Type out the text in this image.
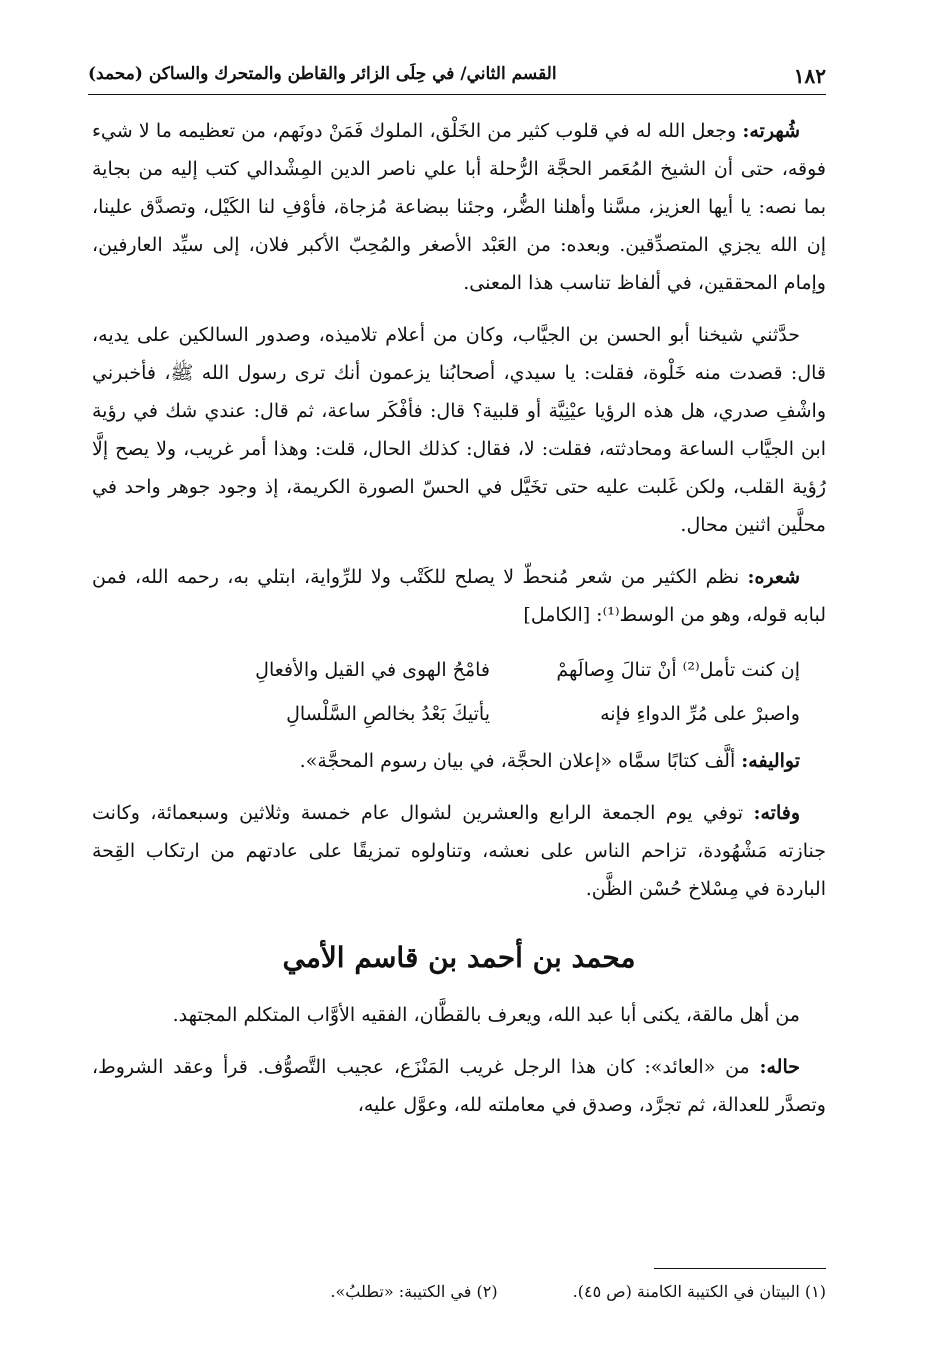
١٨٢
القسم الثاني/ في حِلَى الزائر والقاطن والمتحرك والساكن (محمد)

شُهرته: وجعل الله له في قلوب كثير من الخَلْق، الملوك فَمَنْ دونَهم، من تعظيمه ما لا شيء فوقه، حتى أن الشيخ المُعَمر الحجَّة الرُّحلة أبا علي ناصر الدين المِشْدالي كتب إليه من بجاية بما نصه: يا أيها العزيز، مسَّنا وأهلنا الضُّر، وجئنا ببضاعة مُزجاة، فأوْفِ لنا الكَيْل، وتصدَّق علينا، إن الله يجزي المتصدِّقين. وبعده: من العَبْد الأصغر والمُحِبّ الأكبر فلان، إلى سيِّد العارفين، وإمام المحققين، في ألفاظ تناسب هذا المعنى.

حدَّثني شيخنا أبو الحسن بن الجيَّاب، وكان من أعلام تلاميذه، وصدور السالكين على يديه، قال: قصدت منه خَلْوة، فقلت: يا سيدي، أصحابُنا يزعمون أنك ترى رسول الله ﷺ، فأخبرني واشْفِ صدري، هل هذه الرؤيا عيْنِيَّة أو قلبية؟ قال: فأفْكَر ساعة، ثم قال: عندي شك في رؤية ابن الجيَّاب الساعة ومحادثته، فقلت: لا، فقال: كذلك الحال، قلت: وهذا أمر غريب، ولا يصح إلَّا رُؤية القلب، ولكن غَلبت عليه حتى تخَيَّل في الحسّ الصورة الكريمة، إذ وجود جوهر واحد في محلَّين اثنين محال.

شعره: نظم الكثير من شعر مُنحطّ لا يصلح للكَتْب ولا للرِّواية، ابتلي به، رحمه الله، فمن لبابه قوله، وهو من الوسط⁽¹⁾: [الكامل]

إن كنت تأمل⁽²⁾ أنْ تنالَ وِصالَهمْ
فامْحُ الهوى في القيل والأفعالِ
واصبرْ على مُرِّ الدواءِ فإنه
يأتيكَ بَعْدُ بخالصِ السَّلْسالِ

تواليفه: ألَّف كتابًا سمَّاه «إعلان الحجَّة، في بيان رسوم المحجَّة».

وفاته: توفي يوم الجمعة الرابع والعشرين لشوال عام خمسة وثلاثين وسبعمائة، وكانت جنازته مَشْهُودة، تزاحم الناس على نعشه، وتناولوه تمزيقًا على عادتهم من ارتكاب القِحة الباردة في مِسْلاخ حُسْن الظَّن.

محمد بن أحمد بن قاسم الأمي

من أهل مالقة، يكنى أبا عبد الله، ويعرف بالقطَّان، الفقيه الأوَّاب المتكلم المجتهد.

حاله: من «العائد»: كان هذا الرجل غريب المَنْزَع، عجيب التَّصوُّف. قرأ وعقد الشروط، وتصدَّر للعدالة، ثم تجرَّد، وصدق في معاملته لله، وعوَّل عليه،

(١) البيتان في الكتيبة الكامنة (ص ٤٥). (٢) في الكتيبة: «تطلبُ».
